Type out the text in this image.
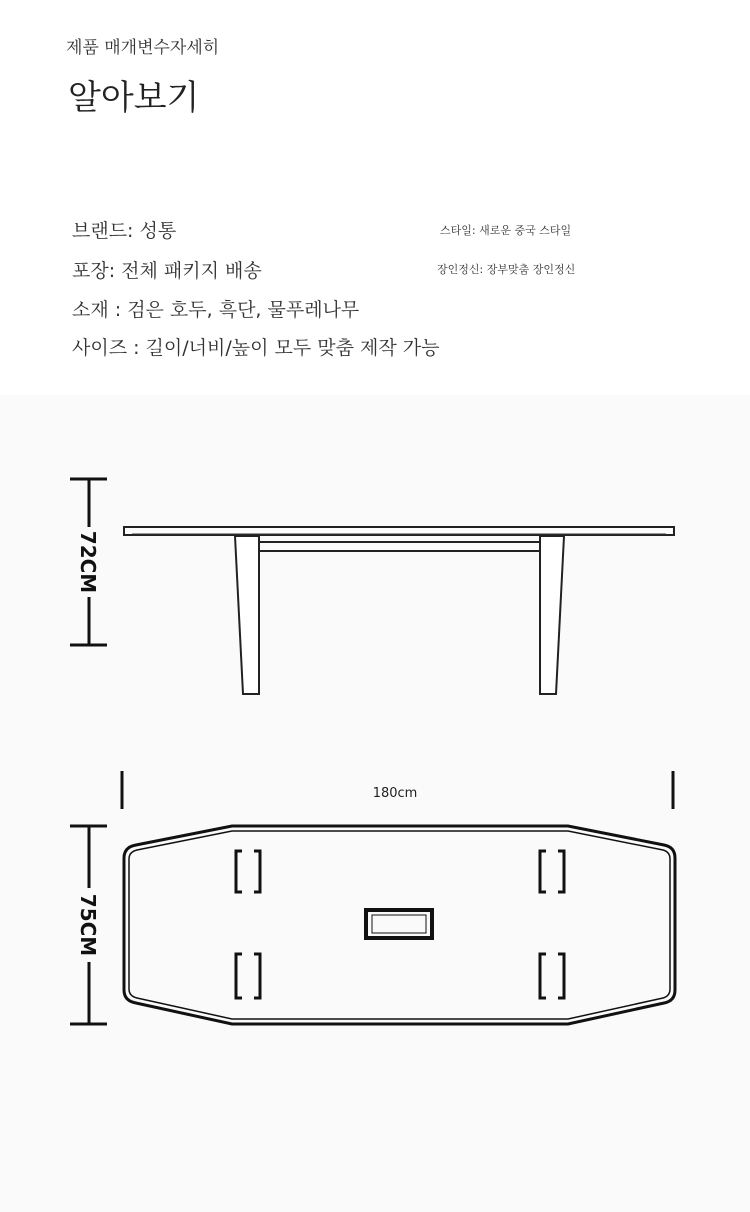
제품 매개변수자세히
알아보기
브랜드: 성통
포장: 전체 패키지 배송
소재 : 검은 호두, 흑단, 물푸레나무
사이즈 : 길이/너비/높이 모두 맞춤 제작 가능
스타일: 새로운 중국 스타일
장인정신: 장부맞춤 장인정신
72CM
180cm
75CM
